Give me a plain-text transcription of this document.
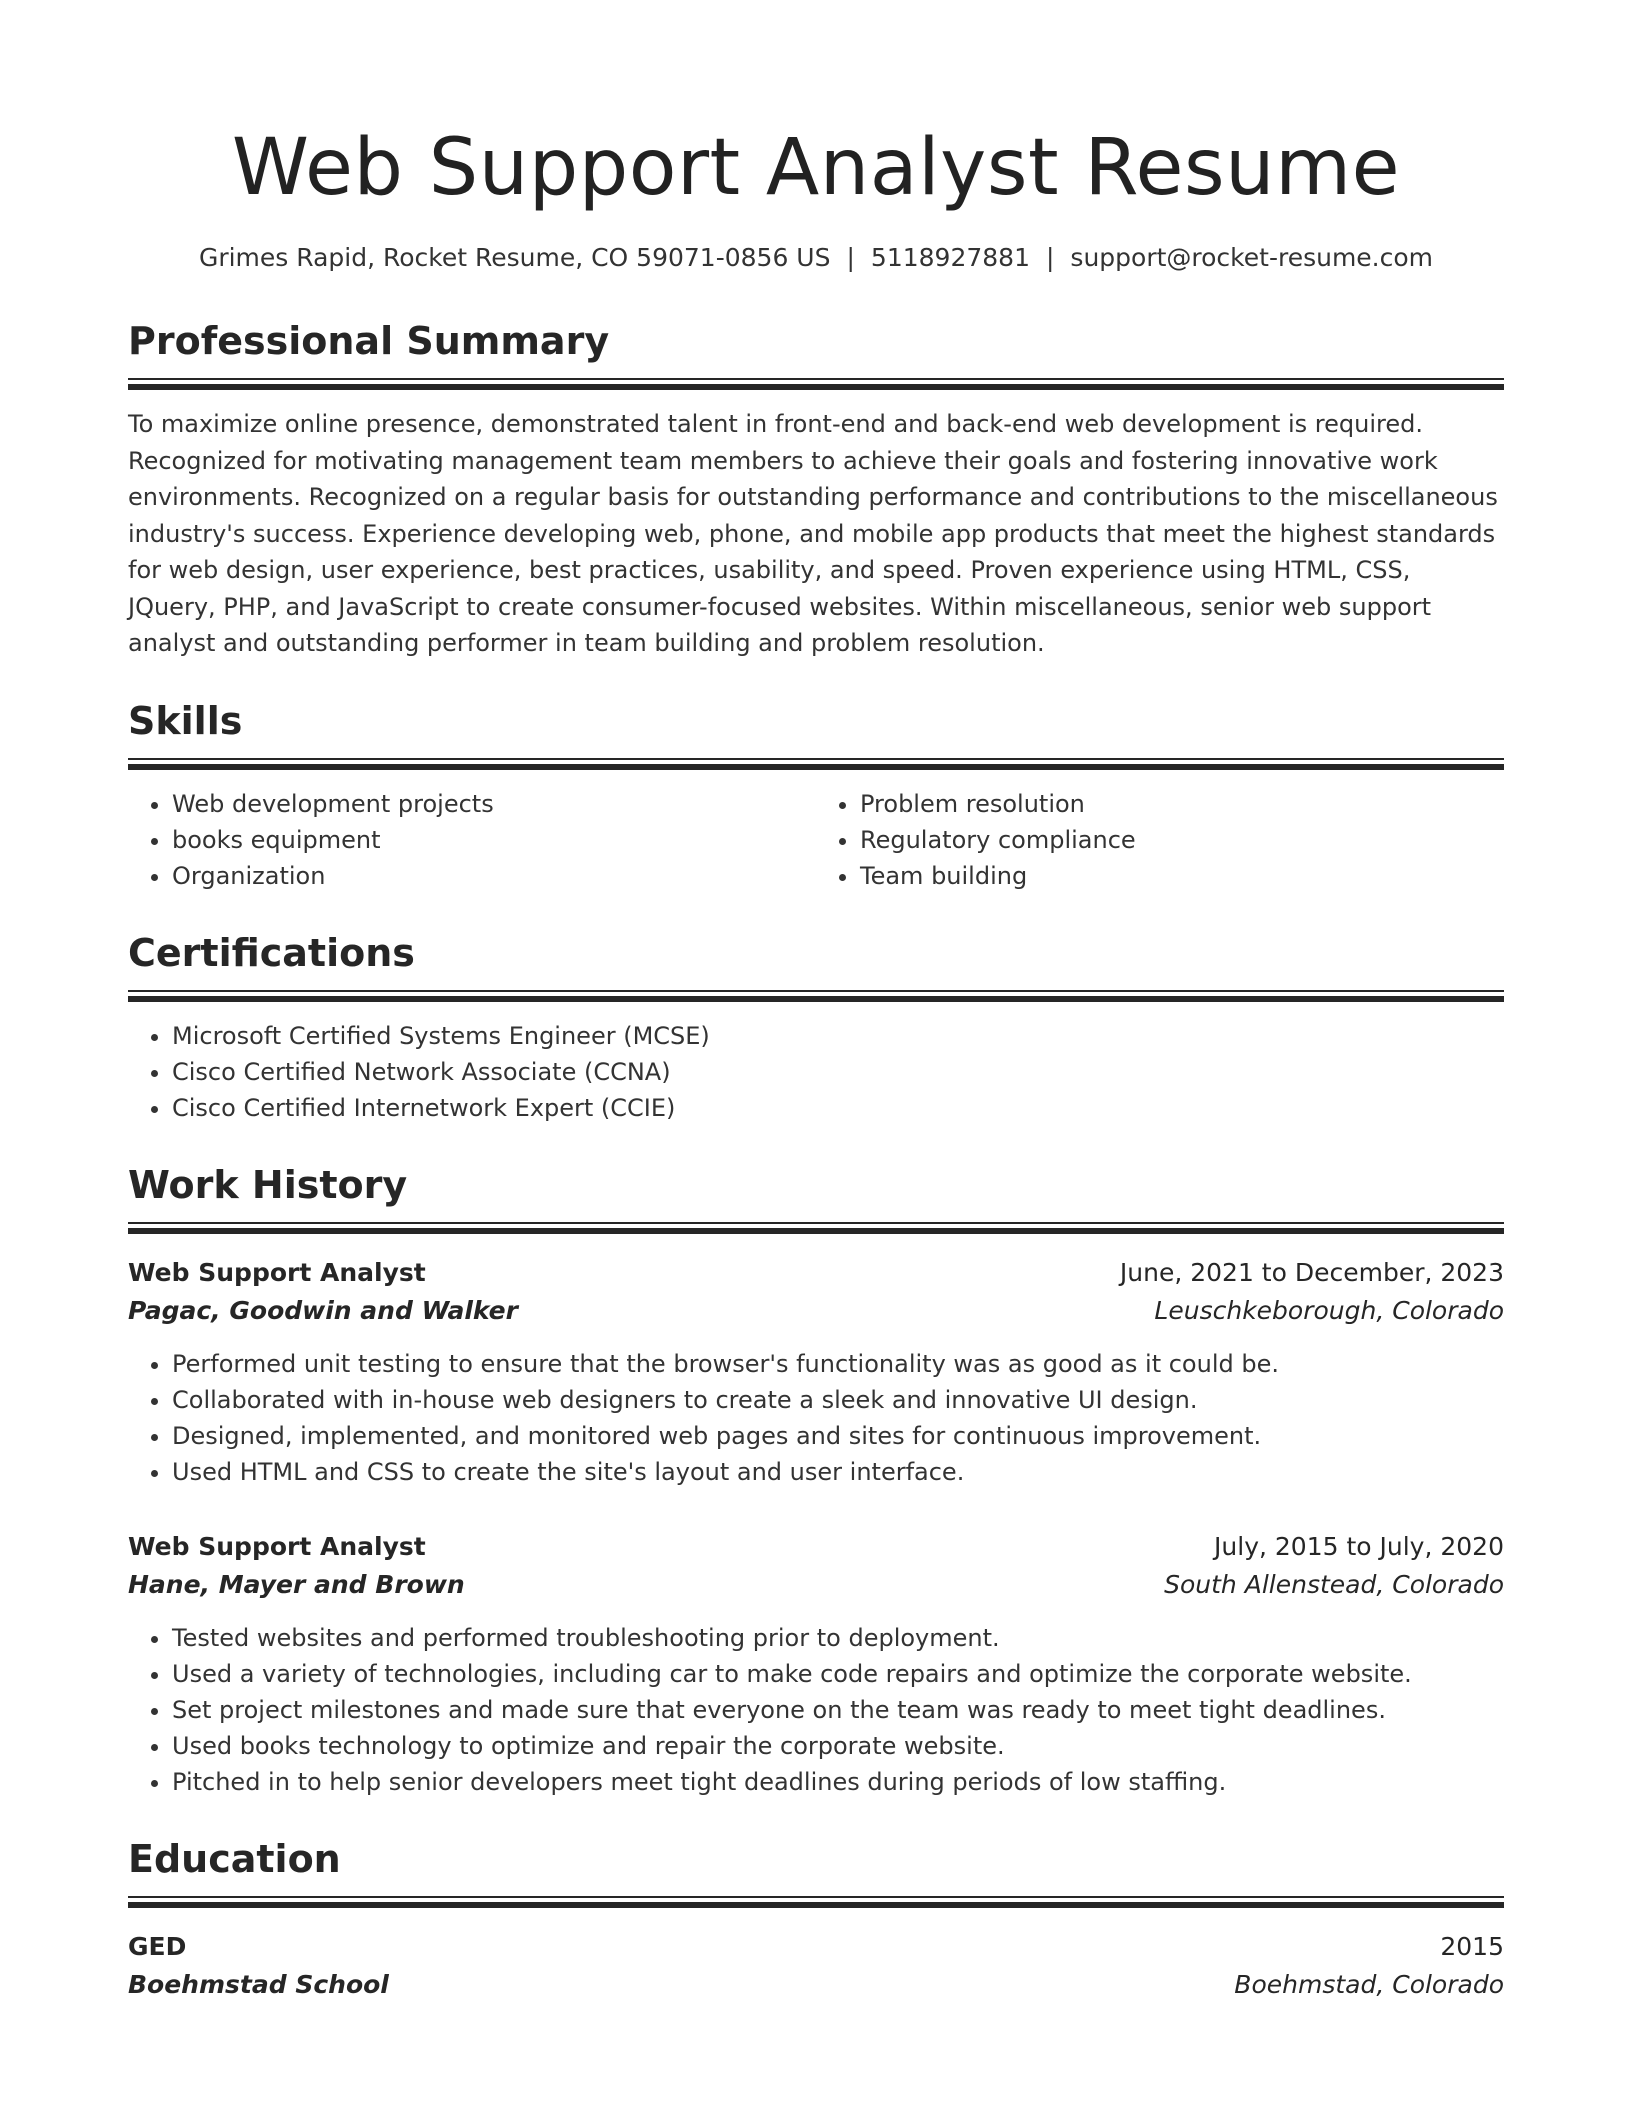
Web Support Analyst Resume
Grimes Rapid, Rocket Resume, CO 59071-0856 US | 5118927881 | support@rocket-resume.com
Professional Summary
To maximize online presence, demonstrated talent in front-end and back-end web development is required. Recognized for motivating management team members to achieve their goals and fostering innovative work environments. Recognized on a regular basis for outstanding performance and contributions to the miscellaneous industry's success. Experience developing web, phone, and mobile app products that meet the highest standards for web design, user experience, best practices, usability, and speed. Proven experience using HTML, CSS, JQuery, PHP, and JavaScript to create consumer-focused websites. Within miscellaneous, senior web support analyst and outstanding performer in team building and problem resolution.
Skills
• Web development projects
• books equipment
• Organization
• Problem resolution
• Regulatory compliance
• Team building
Certifications
• Microsoft Certified Systems Engineer (MCSE)
• Cisco Certified Network Associate (CCNA)
• Cisco Certified Internetwork Expert (CCIE)
Work History
Web Support Analyst	June, 2021 to December, 2023
Pagac, Goodwin and Walker	Leuschkeborough, Colorado
• Performed unit testing to ensure that the browser's functionality was as good as it could be.
• Collaborated with in-house web designers to create a sleek and innovative UI design.
• Designed, implemented, and monitored web pages and sites for continuous improvement.
• Used HTML and CSS to create the site's layout and user interface.
Web Support Analyst	July, 2015 to July, 2020
Hane, Mayer and Brown	South Allenstead, Colorado
• Tested websites and performed troubleshooting prior to deployment.
• Used a variety of technologies, including car to make code repairs and optimize the corporate website.
• Set project milestones and made sure that everyone on the team was ready to meet tight deadlines.
• Used books technology to optimize and repair the corporate website.
• Pitched in to help senior developers meet tight deadlines during periods of low staffing.
Education
GED	2015
Boehmstad School	Boehmstad, Colorado
